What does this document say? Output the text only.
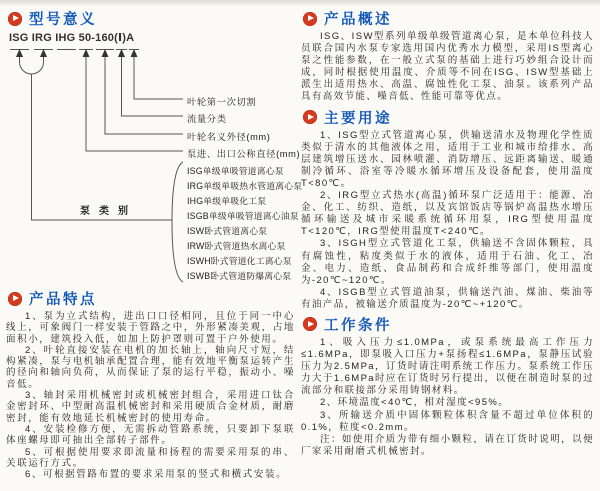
型号意义
ISG IRG IHG 50-160(Ⅰ)A
叶轮第一次切割
流量分类
叶轮名义外径(mm)
泵进、出口公称直径(mm)
泵类别
ISG单级单吸管道离心泵
IRG单级单吸热水管道离心泵
IHG单级单吸化工泵
ISGB单级单吸管道离心油泵
ISW卧式管道离心泵
IRW卧式管道热水离心泵
ISWH卧式管道化工离心泵
ISWB卧式管道防爆离心泵
产品特点

1、泵为立式结构，进出口口径相同，且位于同一中心线上，可象阀门一样安装于管路之中，外形紧凑美观，占地面积小，建筑投入低，如加上防护罩则可置于户外使用。

2、叶轮直接安装在电机的加长轴上，轴向尺寸短，结构紧凑，泵与电机轴承配置合理，能有效地平衡泵运转产生的径向和轴向负荷，从而保证了泵的运行平稳，振动小、噪音低。

3、轴封采用机械密封或机械密封组合，采用进口钛合金密封环、中型耐高温机械密封和采用硬质合金材质，耐磨密封，能有效地延长机械密封的使用寿命。

4、安装检修方便，无需拆动管路系统，只要卸下泵联体座螺母即可抽出全部转子部件。

5、可根据使用要求即流量和扬程的需要采用泵的串、关联运行方式。

6、可根据管路布置的要求采用泵的竖式和横式安装。

产品概述

ISG、ISW型系列单级单级管道离心泵，是本单位科技人员联合国内水泵专家选用国内优秀水力模型，采用IS型离心泵之性能参数，在一般立式泵的基础上进行巧妙组合设计而成，同时根据使用温度、介质等不同在ISG、ISW型基础上派生出适用热水、高温、腐蚀性化工泵、油泵。该系列产品具有高效节能、噪音低、性能可靠等优点。

主要用途

1、ISG型立式管道离心泵，供输送清水及物理化学性质类似于清水的其他液体之用，适用于工业和城市给排水、高层建筑增压送水、园林喷灌、消防增压、远距离输送、暖通制冷循环、浴室等冷暖水循环增压及设备配套，使用温度T<80℃。

2、IRG型立式热水(高温)循环泵广泛适用于：能源、冶金、化工、纺织、造纸，以及宾馆饭店等锅炉高温热水增压循环输送及城市采暖系统循环用泵，IRG型使用温度T<120℃，IRG型使用温度T<240℃。

3、ISGH型立式管道化工泵，供输送不含固体颗粒，具有腐蚀性，粘度类似于水的液体，适用于石油、化工、冶金、电力、造纸、食品制药和合成纤维等部门，使用温度为-20℃~120℃。

4、ISGB型立式管道油泵，供输送汽油、煤油、柴油等有油产品，被输送介质温度为-20℃~+120℃。

工作条件

1、吸入压力≤1.0MPa，或泵系统最高工作压力≤1.6MPa，即泵吸入口压力+泵扬程≤1.6MPa，泵静压试验压力为2.5MPa，订货时请注明系统工作压力。泵系统工作压力大于1.6MPa时应在订货时另行提出，以便在制造时泵的过流部分和联接部分采用铸钢材料。

2、环境温度<40℃，相对湿度<95%。

3、所输送介质中固体颗粒体积含量不超过单位体积的0.1%，粒度<0.2mm。

注：如使用介质为带有细小颗粒，请在订货时说明，以便厂家采用耐磨式机械密封。
